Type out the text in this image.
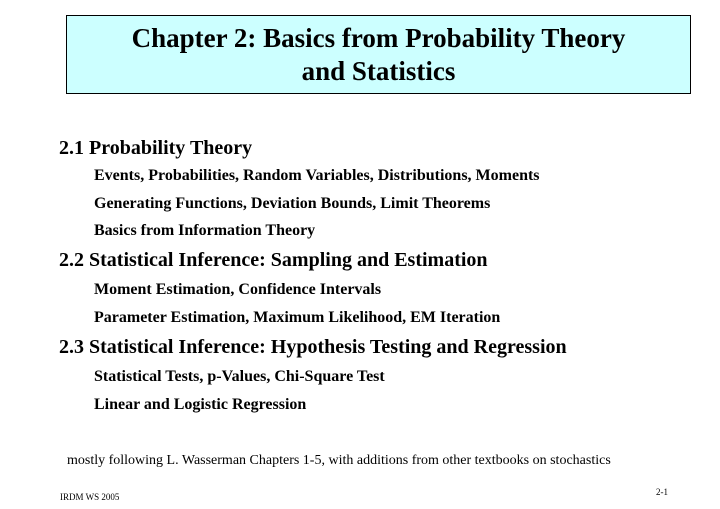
Chapter 2: Basics from Probability Theory
and Statistics
2.1 Probability Theory
Events, Probabilities, Random Variables, Distributions, Moments
Generating Functions, Deviation Bounds, Limit Theorems
Basics from Information Theory
2.2 Statistical Inference: Sampling and Estimation
Moment Estimation, Confidence Intervals
Parameter Estimation, Maximum Likelihood, EM Iteration
2.3 Statistical Inference: Hypothesis Testing and Regression
Statistical Tests, p-Values, Chi-Square Test
Linear and Logistic Regression
mostly following L. Wasserman Chapters 1-5, with additions from other textbooks on stochastics
IRDM WS 2005	2-1
